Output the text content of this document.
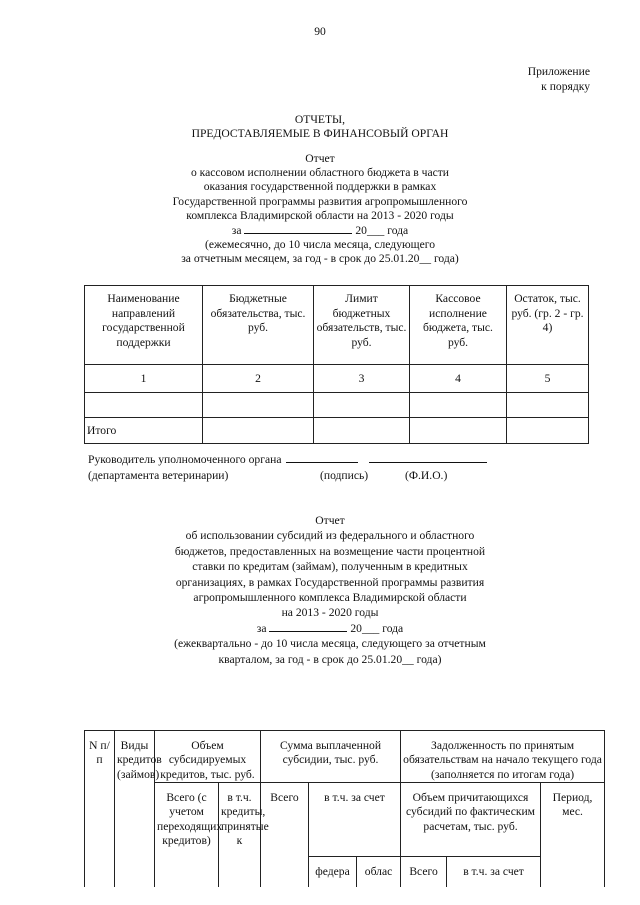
90
Приложение
к порядку
ОТЧЕТЫ,
ПРЕДОСТАВЛЯЕМЫЕ В ФИНАНСОВЫЙ ОРГАН
Отчет
о кассовом исполнении областного бюджета в части
оказания государственной поддержки в рамках
Государственной программы развития агропромышленного
комплекса Владимирской области на 2013 - 2020 годы
за	20___ года
(ежемесячно, до 10 числа месяца, следующего
за отчетным месяцем, за год - в срок до 25.01.20__ года)
Наименование направлений государственной поддержки	Бюджетные обязательства, тыс. руб.	Лимит бюджетных обязательств, тыс. руб.	Кассовое исполнение бюджета, тыс. руб.	Остаток, тыс. руб. (гр. 2 - гр. 4)
1	2	3	4	5

Итого				
Руководитель уполномоченного органа
(департамента ветеринарии)	(подпись)	(Ф.И.О.)
Отчет
об использовании субсидий из федерального и областного
бюджетов, предоставленных на возмещение части процентной
ставки по кредитам (займам), полученным в кредитных
организациях, в рамках Государственной программы развития
агропромышленного комплекса Владимирской области
на 2013 - 2020 годы
за	20___ года
(ежеквартально - до 10 числа месяца, следующего за отчетным
кварталом, за год - в срок до 25.01.20__ года)
N п/п	Виды кредитов (займов)	Объем субсидируемых кредитов, тыс. руб.		Сумма выплаченной субсидии, тыс. руб.			Задолженность по принятым обязательствам на начало текущего года (заполняется по итогам года)		
		Всего (с учетом переходящих кредитов)	в т.ч. кредиты, принятые к	Всего	в т.ч. за счет		Объем причитающихся субсидий по фактическим расчетам, тыс. руб.		Период, мес.
					федера	облас	Всего	в т.ч. за счет	
